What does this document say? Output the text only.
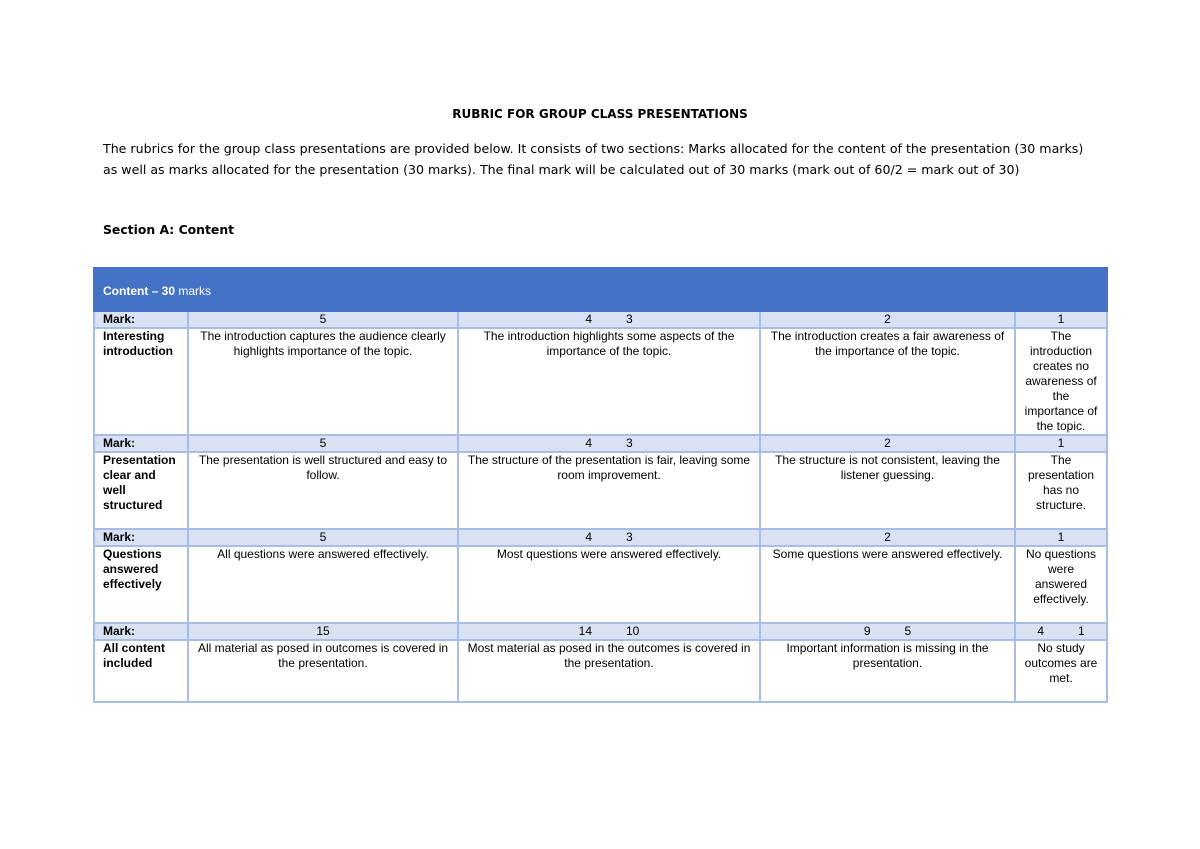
RUBRIC FOR GROUP CLASS PRESENTATIONS
The rubrics for the group class presentations are provided below. It consists of two sections: Marks allocated for the content of the presentation (30 marks)
as well as marks allocated for the presentation (30 marks). The final mark will be calculated out of 30 marks (mark out of 60/2 = mark out of 30)
Section A: Content
Content – 30 marks				
Mark:	5	4 3	2	1
Interesting introduction	The introduction captures the audience clearly highlights importance of the topic.	The introduction highlights some aspects of the importance of the topic.	The introduction creates a fair awareness of the importance of the topic.	The introduction creates no awareness of the importance of the topic.
Mark:	5	4 3	2	1
Presentation clear and well structured	The presentation is well structured and easy to follow.	The structure of the presentation is fair, leaving some room improvement.	The structure is not consistent, leaving the listener guessing.	The presentation has no structure.
Mark:	5	4 3	2	1
Questions answered effectively	All questions were answered effectively.	Most questions were answered effectively.	Some questions were answered effectively.	No questions were answered effectively.
Mark:	15	14 10	9 5	4 1
All content included	All material as posed in outcomes is covered in the presentation.	Most material as posed in the outcomes is covered in the presentation.	Important information is missing in the presentation.	No study outcomes are met.
